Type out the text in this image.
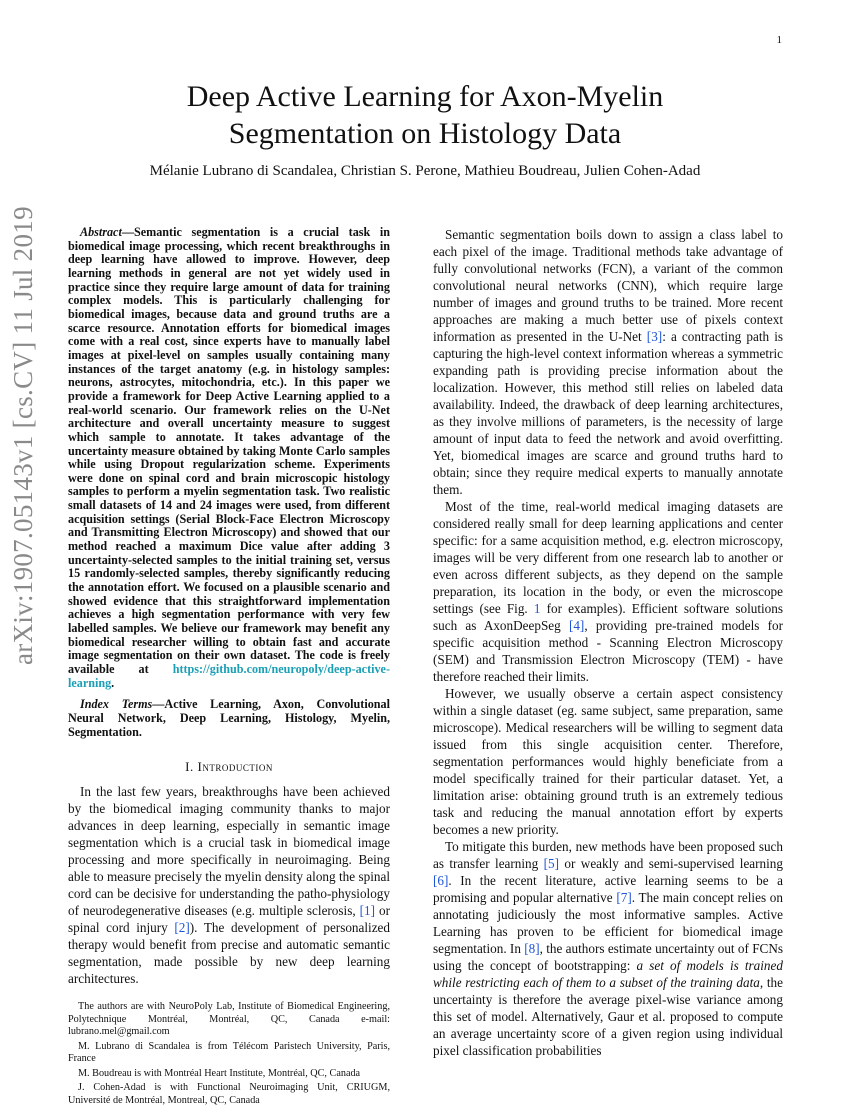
1
arXiv:1907.05143v1 [cs.CV] 11 Jul 2019
Deep Active Learning for Axon-Myelin
Segmentation on Histology Data
Mélanie Lubrano di Scandalea, Christian S. Perone, Mathieu Boudreau, Julien Cohen-Adad

Abstract—Semantic segmentation is a crucial task in biomedical image processing, which recent breakthroughs in deep learning have allowed to improve. However, deep learning methods in general are not yet widely used in practice since they require large amount of data for training complex models. This is particularly challenging for biomedical images, because data and ground truths are a scarce resource. Annotation efforts for biomedical images come with a real cost, since experts have to manually label images at pixel-level on samples usually containing many instances of the target anatomy (e.g. in histology samples: neurons, astrocytes, mitochondria, etc.). In this paper we provide a framework for Deep Active Learning applied to a real-world scenario. Our framework relies on the U-Net architecture and overall uncertainty measure to suggest which sample to annotate. It takes advantage of the uncertainty measure obtained by taking Monte Carlo samples while using Dropout regularization scheme. Experiments were done on spinal cord and brain microscopic histology samples to perform a myelin segmentation task. Two realistic small datasets of 14 and 24 images were used, from different acquisition settings (Serial Block-Face Electron Microscopy and Transmitting Electron Microscopy) and showed that our method reached a maximum Dice value after adding 3 uncertainty-selected samples to the initial training set, versus 15 randomly-selected samples, thereby significantly reducing the annotation effort. We focused on a plausible scenario and showed evidence that this straightforward implementation achieves a high segmentation performance with very few labelled samples. We believe our framework may benefit any biomedical researcher willing to obtain fast and accurate image segmentation on their own dataset. The code is freely available at https://github.com/neuropoly/deep-active-learning.

Index Terms—Active Learning, Axon, Convolutional Neural Network, Deep Learning, Histology, Myelin, Segmentation.

I. Introduction

In the last few years, breakthroughs have been achieved by the biomedical imaging community thanks to major advances in deep learning, especially in semantic image segmentation which is a crucial task in biomedical image processing and more specifically in neuroimaging. Being able to measure precisely the myelin density along the spinal cord can be decisive for understanding the patho-physiology of neurodegenerative diseases (e.g. multiple sclerosis, [1] or spinal cord injury [2]). The development of personalized therapy would benefit from precise and automatic semantic segmentation, made possible by new deep learning architectures.

The authors are with NeuroPoly Lab, Institute of Biomedical Engineering, Polytechnique Montréal, Montréal, QC, Canada e-mail: lubrano.mel@gmail.com

M. Lubrano di Scandalea is from Télécom Paristech University, Paris, France

M. Boudreau is with Montréal Heart Institute, Montréal, QC, Canada

J. Cohen-Adad is with Functional Neuroimaging Unit, CRIUGM, Université de Montréal, Montreal, QC, Canada

Semantic segmentation boils down to assign a class label to each pixel of the image. Traditional methods take advantage of fully convolutional networks (FCN), a variant of the common convolutional neural networks (CNN), which require large number of images and ground truths to be trained. More recent approaches are making a much better use of pixels context information as presented in the U-Net [3]: a contracting path is capturing the high-level context information whereas a symmetric expanding path is providing precise information about the localization. However, this method still relies on labeled data availability. Indeed, the drawback of deep learning architectures, as they involve millions of parameters, is the necessity of large amount of input data to feed the network and avoid overfitting. Yet, biomedical images are scarce and ground truths hard to obtain; since they require medical experts to manually annotate them.

Most of the time, real-world medical imaging datasets are considered really small for deep learning applications and center specific: for a same acquisition method, e.g. electron microscopy, images will be very different from one research lab to another or even across different subjects, as they depend on the sample preparation, its location in the body, or even the microscope settings (see Fig. 1 for examples). Efficient software solutions such as AxonDeepSeg [4], providing pre-trained models for specific acquisition method - Scanning Electron Microscopy (SEM) and Transmission Electron Microscopy (TEM) - have therefore reached their limits.

However, we usually observe a certain aspect consistency within a single dataset (eg. same subject, same preparation, same microscope). Medical researchers will be willing to segment data issued from this single acquisition center. Therefore, segmentation performances would highly beneficiate from a model specifically trained for their particular dataset. Yet, a limitation arise: obtaining ground truth is an extremely tedious task and reducing the manual annotation effort by experts becomes a new priority.

To mitigate this burden, new methods have been proposed such as transfer learning [5] or weakly and semi-supervised learning [6]. In the recent literature, active learning seems to be a promising and popular alternative [7]. The main concept relies on annotating judiciously the most informative samples. Active Learning has proven to be efficient for biomedical image segmentation. In [8], the authors estimate uncertainty out of FCNs using the concept of bootstrapping: a set of models is trained while restricting each of them to a subset of the training data, the uncertainty is therefore the average pixel-wise variance among this set of model. Alternatively, Gaur et al. proposed to compute an average uncertainty score of a given region using individual pixel classification probabilities
